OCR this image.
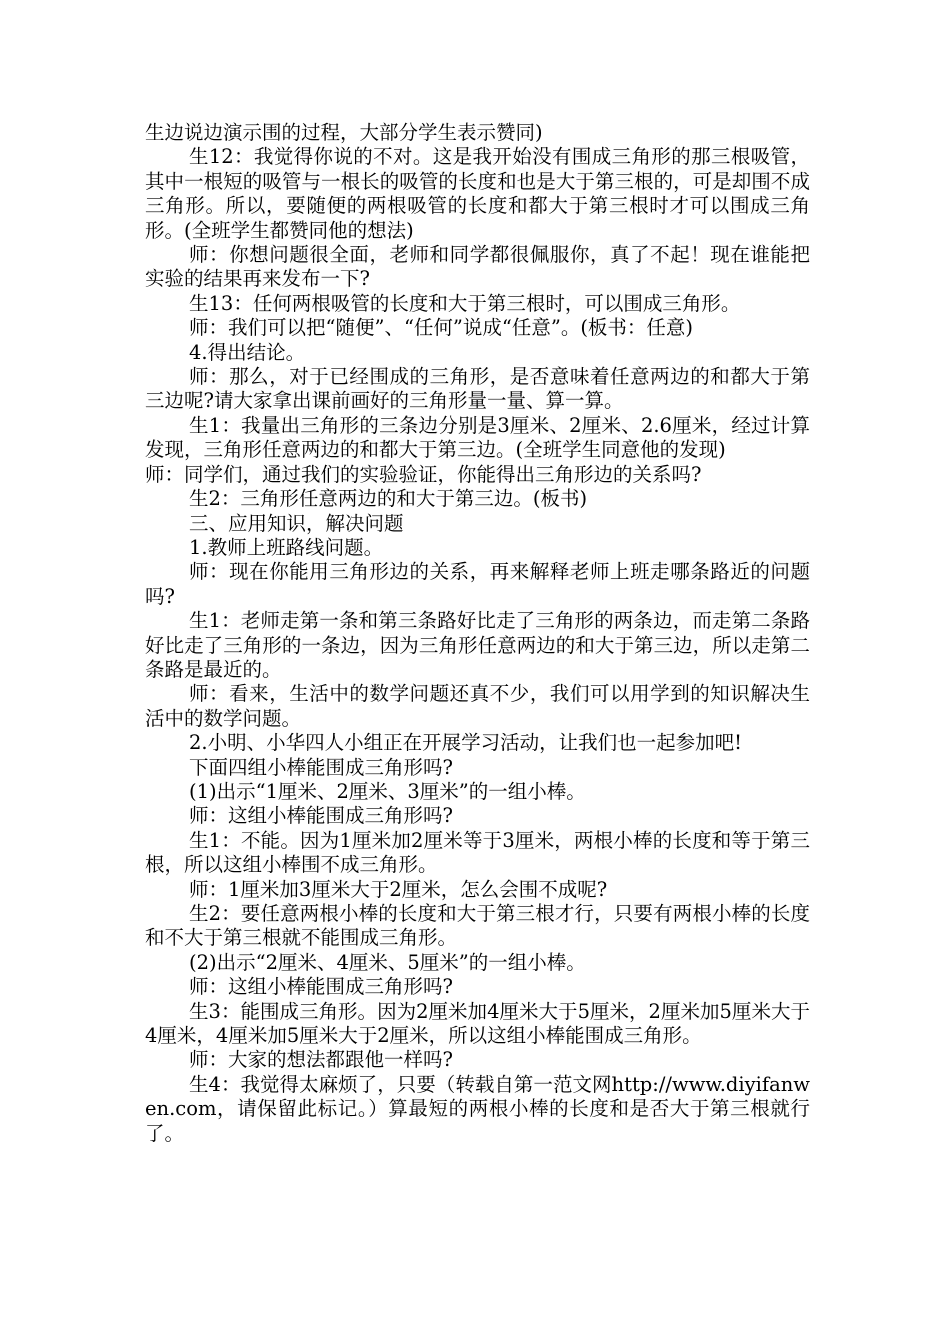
生边说边演示围的过程，大部分学生表示赞同)

生12：我觉得你说的不对。这是我开始没有围成三角形的那三根吸管，其中一根短的吸管与一根长的吸管的长度和也是大于第三根的，可是却围不成三角形。所以，要随便的两根吸管的长度和都大于第三根时才可以围成三角形。(全班学生都赞同他的想法)

师：你想问题很全面，老师和同学都很佩服你，真了不起！现在谁能把实验的结果再来发布一下?

生13：任何两根吸管的长度和大于第三根时，可以围成三角形。

师：我们可以把“随便”、“任何”说成“任意”。(板书：任意)

4.得出结论。

师：那么，对于已经围成的三角形，是否意味着任意两边的和都大于第三边呢?请大家拿出课前画好的三角形量一量、算一算。

生1：我量出三角形的三条边分别是3厘米、2厘米、2.6厘米，经过计算发现，三角形任意两边的和都大于第三边。(全班学生同意他的发现)

师：同学们，通过我们的实验验证，你能得出三角形边的关系吗?

生2：三角形任意两边的和大于第三边。(板书)

三、应用知识，解决问题

1.教师上班路线问题。

师：现在你能用三角形边的关系，再来解释老师上班走哪条路近的问题吗?

生1：老师走第一条和第三条路好比走了三角形的两条边，而走第二条路好比走了三角形的一条边，因为三角形任意两边的和大于第三边，所以走第二条路是最近的。

师：看来，生活中的数学问题还真不少，我们可以用学到的知识解决生活中的数学问题。

2.小明、小华四人小组正在开展学习活动，让我们也一起参加吧!

下面四组小棒能围成三角形吗?

(1)出示“1厘米、2厘米、3厘米”的一组小棒。

师：这组小棒能围成三角形吗?

生1：不能。因为1厘米加2厘米等于3厘米，两根小棒的长度和等于第三根，所以这组小棒围不成三角形。

师：1厘米加3厘米大于2厘米，怎么会围不成呢?

生2：要任意两根小棒的长度和大于第三根才行，只要有两根小棒的长度和不大于第三根就不能围成三角形。

(2)出示“2厘米、4厘米、5厘米”的一组小棒。

师：这组小棒能围成三角形吗?

生3：能围成三角形。因为2厘米加4厘米大于5厘米，2厘米加5厘米大于4厘米，4厘米加5厘米大于2厘米，所以这组小棒能围成三角形。

师：大家的想法都跟他一样吗?

生4：我觉得太麻烦了，只要（转载自第一范文网http://www.diyifanwen.com，请保留此标记。）算最短的两根小棒的长度和是否大于第三根就行了。
